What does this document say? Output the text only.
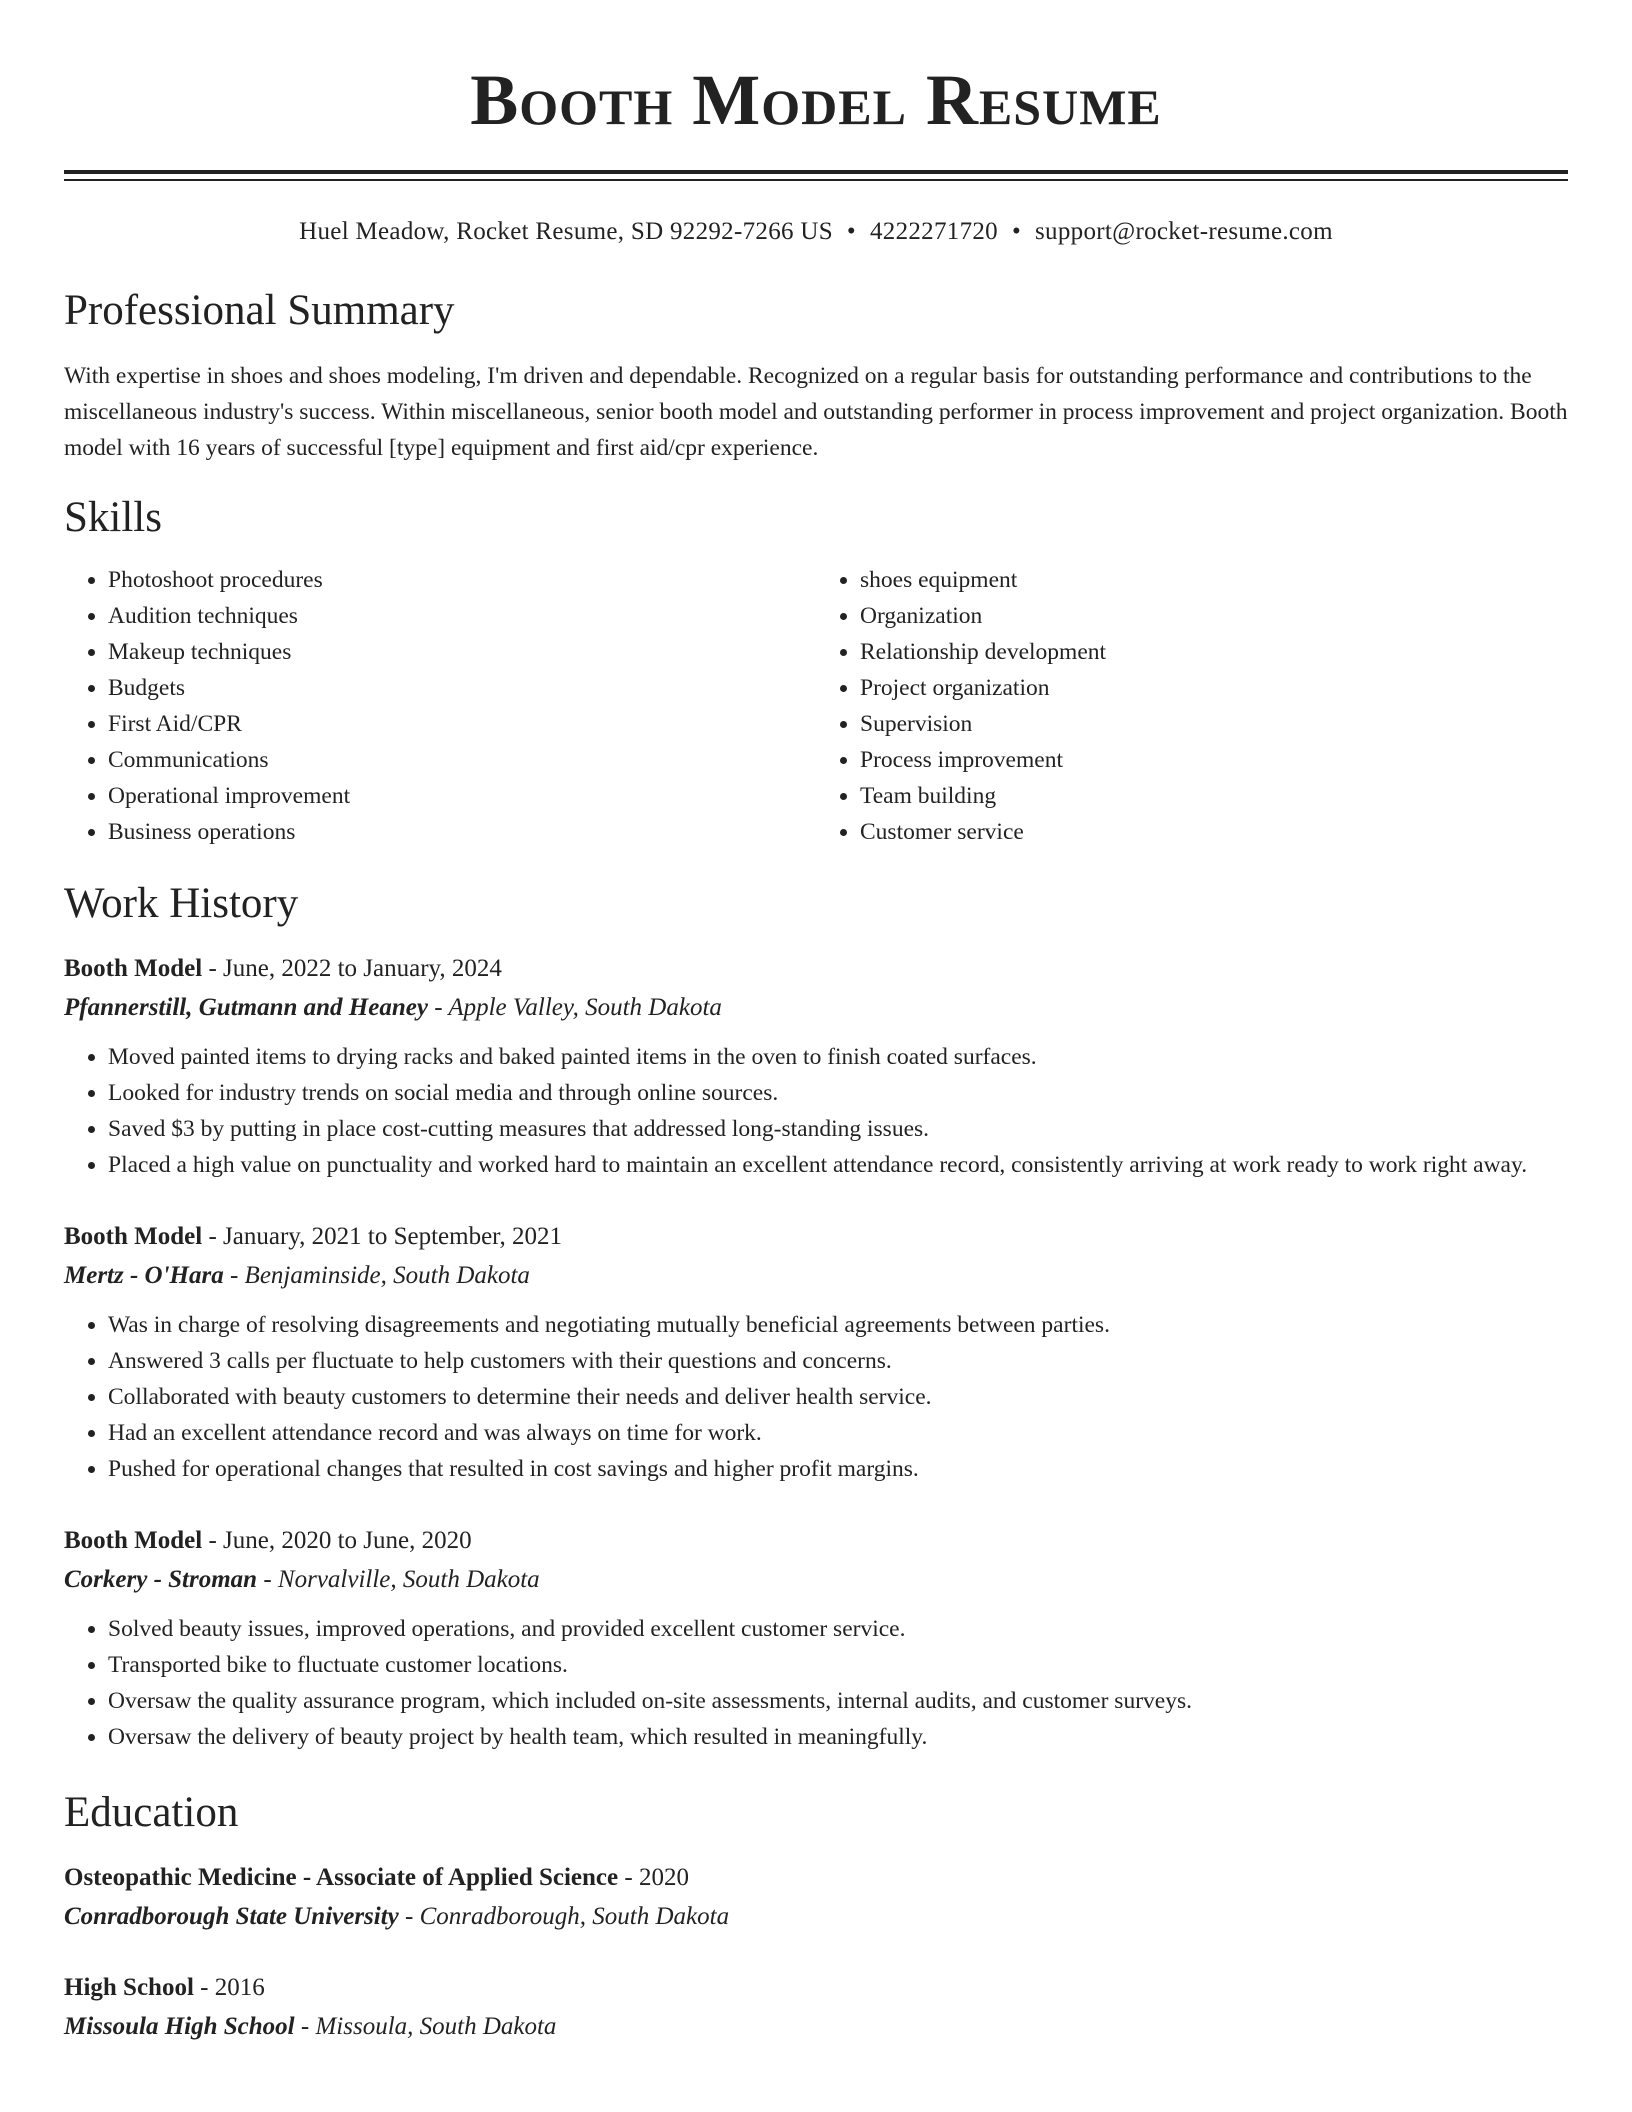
Booth Model Resume
Huel Meadow, Rocket Resume, SD 92292-7266 US • 4222271720 • support@rocket-resume.com
Professional Summary

With expertise in shoes and shoes modeling, I'm driven and dependable. Recognized on a regular basis for outstanding performance and contributions to the miscellaneous industry's success. Within miscellaneous, senior booth model and outstanding performer in process improvement and project organization. Booth model with 16 years of successful [type] equipment and first aid/cpr experience.

Skills
• Photoshoot procedures
• Audition techniques
• Makeup techniques
• Budgets
• First Aid/CPR
• Communications
• Operational improvement
• Business operations
• shoes equipment
• Organization
• Relationship development
• Project organization
• Supervision
• Process improvement
• Team building
• Customer service
Work History
Booth Model - June, 2022 to January, 2024
Pfannerstill, Gutmann and Heaney - Apple Valley, South Dakota
• Moved painted items to drying racks and baked painted items in the oven to finish coated surfaces.
• Looked for industry trends on social media and through online sources.
• Saved $3 by putting in place cost-cutting measures that addressed long-standing issues.
• Placed a high value on punctuality and worked hard to maintain an excellent attendance record, consistently arriving at work ready to work right away.
Booth Model - January, 2021 to September, 2021
Mertz - O'Hara - Benjaminside, South Dakota
• Was in charge of resolving disagreements and negotiating mutually beneficial agreements between parties.
• Answered 3 calls per fluctuate to help customers with their questions and concerns.
• Collaborated with beauty customers to determine their needs and deliver health service.
• Had an excellent attendance record and was always on time for work.
• Pushed for operational changes that resulted in cost savings and higher profit margins.
Booth Model - June, 2020 to June, 2020
Corkery - Stroman - Norvalville, South Dakota
• Solved beauty issues, improved operations, and provided excellent customer service.
• Transported bike to fluctuate customer locations.
• Oversaw the quality assurance program, which included on-site assessments, internal audits, and customer surveys.
• Oversaw the delivery of beauty project by health team, which resulted in meaningfully.
Education
Osteopathic Medicine - Associate of Applied Science - 2020
Conradborough State University - Conradborough, South Dakota
High School - 2016
Missoula High School - Missoula, South Dakota
